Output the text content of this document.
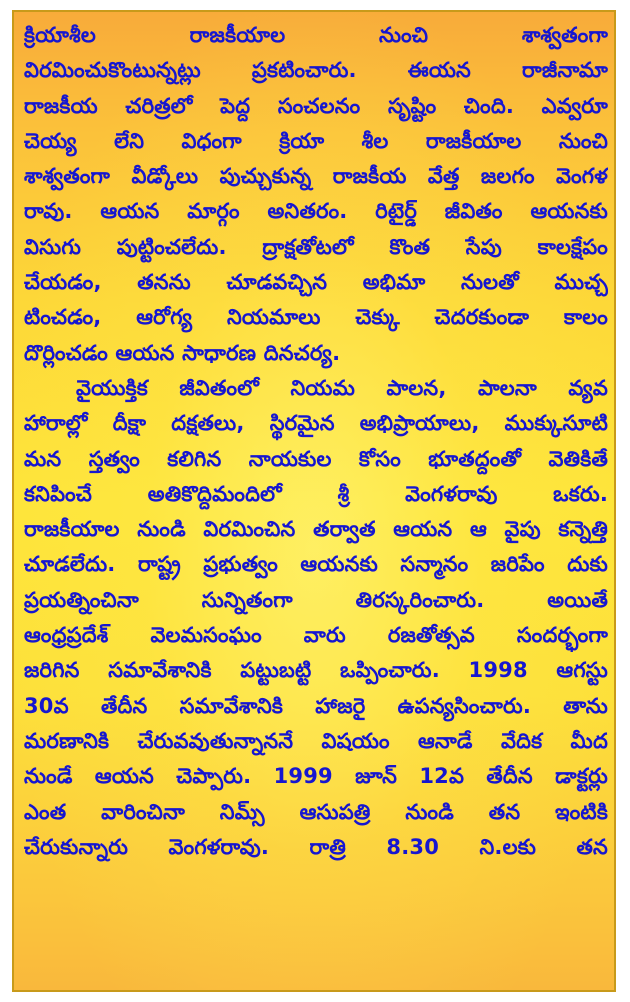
క్రియాశీల రాజకీయాల నుంచి శాశ్వతంగా
విరమించుకొంటున్నట్లు ప్రకటించారు. ఈయన రాజీనామా
రాజకీయ చరిత్రలో పెద్ద సంచలనం సృష్టిం చింది. ఎవ్వరూ
చెయ్య లేని విధంగా క్రియా శీల రాజకీయాల నుంచి
శాశ్వతంగా వీడ్కోలు పుచ్చుకున్న రాజకీయ వేత్త జలగం వెంగళ
రావు. ఆయన మార్గం అనితరం. రిటైర్డ్ జీవితం ఆయనకు
విసుగు పుట్టించలేదు. ద్రాక్షతోటలో కొంత సేపు కాలక్షేపం
చేయడం, తనను చూడవచ్చిన అభిమా నులతో ముచ్చ
టించడం, ఆరోగ్య నియమాలు చెక్కు చెదరకుండా కాలం
దొర్లించడం ఆయన సాధారణ దినచర్య.
వైయుక్తిక జీవితంలో నియమ పాలన, పాలనా వ్యవ
హారాల్లో దీక్షా దక్షతలు, స్థిరమైన అభిప్రాయాలు, ముక్కుసూటి
మన స్తత్వం కలిగిన నాయకుల కోసం భూతద్దంతో వెతికితే
కనిపించే అతికొద్దిమందిలో శ్రీ వెంగళరావు ఒకరు.
రాజకీయాల నుండి విరమించిన తర్వాత ఆయన ఆ వైపు కన్నెత్తి
చూడలేదు. రాష్ట్ర ప్రభుత్వం ఆయనకు సన్మానం జరిపేం దుకు
ప్రయత్నించినా సున్నితంగా తిరస్కరించారు. అయితే
ఆంధ్రప్రదేశ్ వెలమసంఘం వారు రజతోత్సవ సందర్భంగా
జరిగిన సమావేశానికి పట్టుబట్టి ఒప్పించారు. 1998 ఆగస్టు
30వ తేదీన సమావేశానికి హాజరై ఉపన్యసించారు. తాను
మరణానికి చేరువవుతున్నాననే విషయం ఆనాడే వేదిక మీద
నుండే ఆయన చెప్పారు. 1999 జూన్ 12వ తేదీన డాక్టర్లు
ఎంత వారించినా నిమ్స్ ఆసుపత్రి నుండి తన ఇంటికి
చేరుకున్నారు వెంగళరావు. రాత్రి 8.30 ని.లకు తన
